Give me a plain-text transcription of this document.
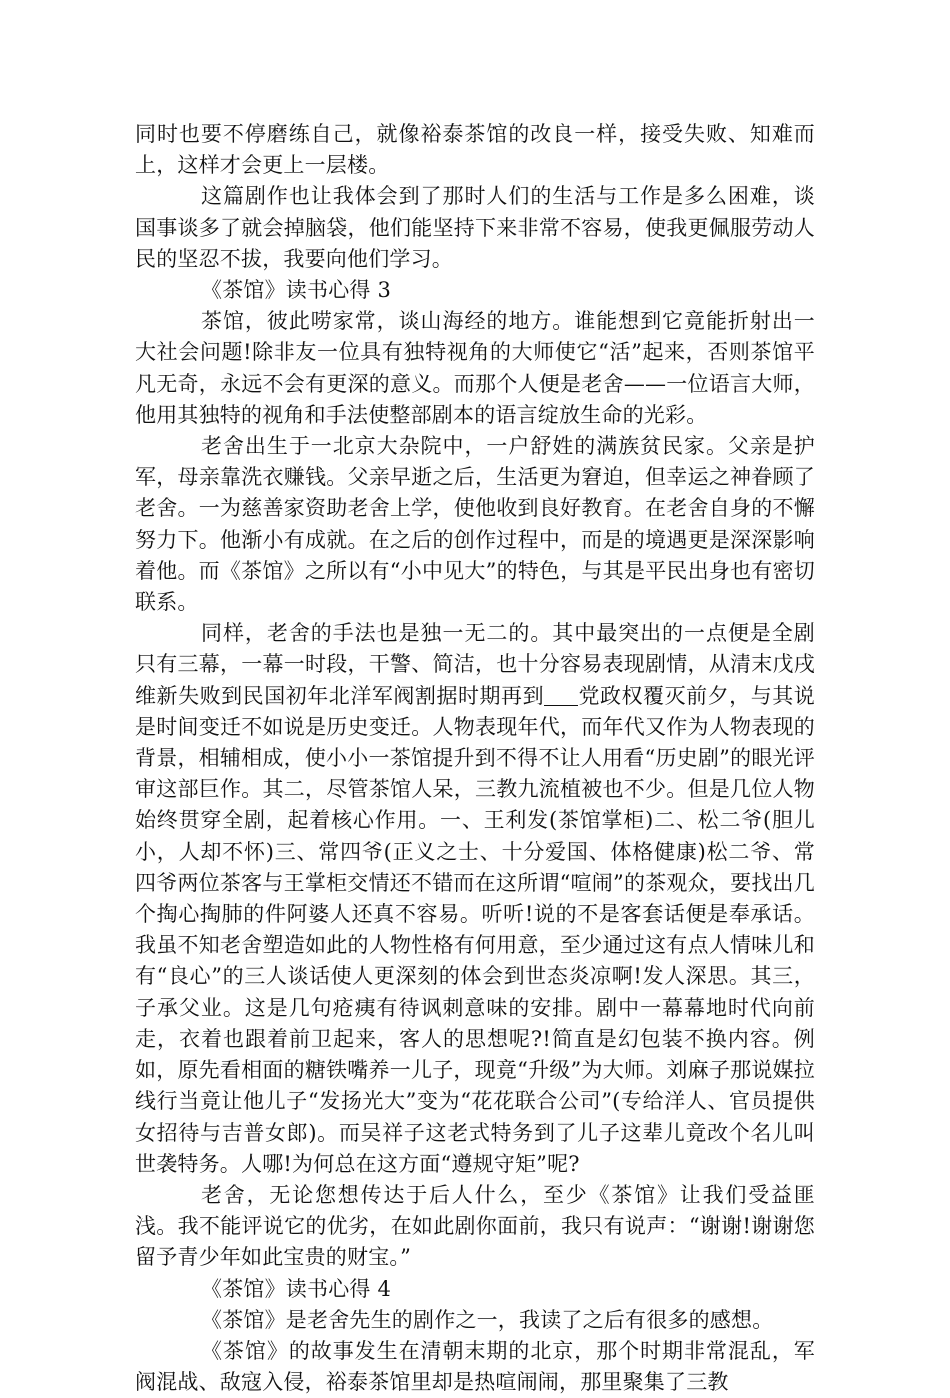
同时也要不停磨练自己，就像裕泰茶馆的改良一样，接受失败、知难而上，这样才会更上一层楼。

这篇剧作也让我体会到了那时人们的生活与工作是多么困难，谈国事谈多了就会掉脑袋，他们能坚持下来非常不容易，使我更佩服劳动人民的坚忍不拔，我要向他们学习。

《茶馆》读书心得 3

茶馆，彼此唠家常，谈山海经的地方。谁能想到它竟能折射出一大社会问题!除非友一位具有独特视角的大师使它“活”起来，否则茶馆平凡无奇，永远不会有更深的意义。而那个人便是老舍——一位语言大师，他用其独特的视角和手法使整部剧本的语言绽放生命的光彩。

老舍出生于一北京大杂院中，一户舒姓的满族贫民家。父亲是护军，母亲靠洗衣赚钱。父亲早逝之后，生活更为窘迫，但幸运之神眷顾了老舍。一为慈善家资助老舍上学，使他收到良好教育。在老舍自身的不懈努力下。他渐小有成就。在之后的创作过程中，而是的境遇更是深深影响着他。而《茶馆》之所以有“小中见大”的特色，与其是平民出身也有密切联系。

同样，老舍的手法也是独一无二的。其中最突出的一点便是全剧只有三幕，一幕一时段，干警、简洁，也十分容易表现剧情，从清末戊戌维新失败到民国初年北洋军阀割据时期再到 党政权覆灭前夕，与其说是时间变迁不如说是历史变迁。人物表现年代，而年代又作为人物表现的背景，相辅相成，使小小一茶馆提升到不得不让人用看“历史剧”的眼光评审这部巨作。其二，尽管茶馆人呆，三教九流植被也不少。但是几位人物始终贯穿全剧，起着核心作用。一、王利发(茶馆掌柜)二、松二爷(胆儿小，人却不怀)三、常四爷(正义之士、十分爱国、体格健康)松二爷、常四爷两位茶客与王掌柜交情还不错而在这所谓“喧闹”的茶观众，要找出几个掏心掏肺的件阿婆人还真不容易。听听!说的不是客套话便是奉承话。我虽不知老舍塑造如此的人物性格有何用意，至少通过这有点人情味儿和有“良心”的三人谈话使人更深刻的体会到世态炎凉啊!发人深思。其三，子承父业。这是几句疮痍有待讽刺意味的安排。剧中一幕幕地时代向前走，衣着也跟着前卫起来，客人的思想呢?!简直是幻包装不换内容。例如，原先看相面的糖铁嘴养一儿子，现竟“升级”为大师。刘麻子那说媒拉线行当竟让他儿子“发扬光大”变为“花花联合公司”(专给洋人、官员提供女招待与吉普女郎)。而吴祥子这老式特务到了儿子这辈儿竟改个名儿叫世袭特务。人哪!为何总在这方面“遵规守矩”呢?

老舍，无论您想传达于后人什么，至少《茶馆》让我们受益匪浅。我不能评说它的优劣，在如此剧你面前，我只有说声：“谢谢!谢谢您留予青少年如此宝贵的财宝。”

《茶馆》读书心得 4

《茶馆》是老舍先生的剧作之一，我读了之后有很多的感想。

《茶馆》的故事发生在清朝末期的北京，那个时期非常混乱，军阀混战、敌寇入侵，裕泰茶馆里却是热喧闹闹，那里聚集了三教
